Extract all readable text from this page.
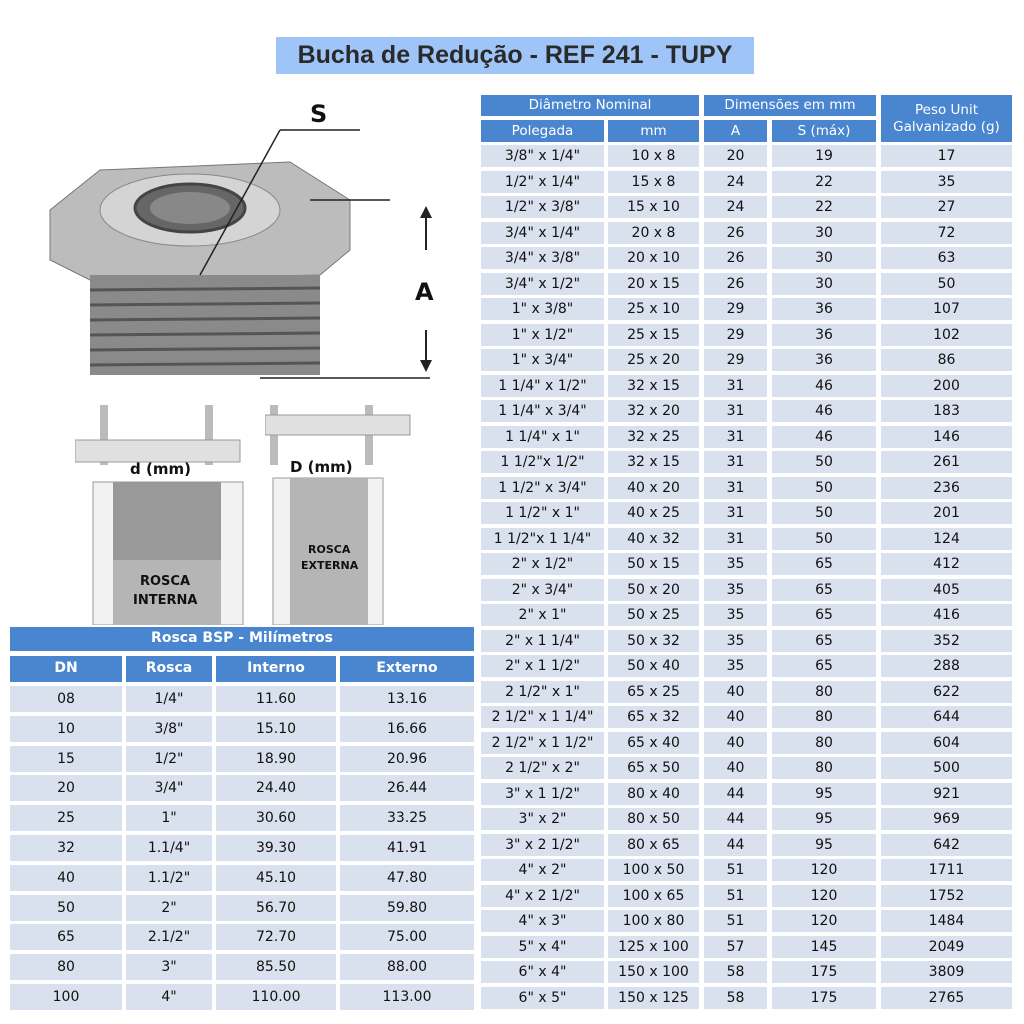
Bucha de Redução - REF 241 - TUPY
S
A
d (mm)
ROSCA
INTERNA
D (mm)
ROSCA
EXTERNA
Diâmetro Nominal	Dimensões em mm	Peso Unit Galvanizado (g)
Polegada	mm	A	S (máx)
3/8" x 1/4"	10 x 8	20	19	17
1/2" x 1/4"	15 x 8	24	22	35
1/2" x 3/8"	15 x 10	24	22	27
3/4" x 1/4"	20 x 8	26	30	72
3/4" x 3/8"	20 x 10	26	30	63
3/4" x 1/2"	20 x 15	26	30	50
1" x 3/8"	25 x 10	29	36	107
1" x 1/2"	25 x 15	29	36	102
1" x 3/4"	25 x 20	29	36	86
1 1/4" x 1/2"	32 x 15	31	46	200
1 1/4" x 3/4"	32 x 20	31	46	183
1 1/4" x 1"	32 x 25	31	46	146
1 1/2"x 1/2"	32 x 15	31	50	261
1 1/2" x 3/4"	40 x 20	31	50	236
1 1/2" x 1"	40 x 25	31	50	201
1 1/2"x 1 1/4"	40 x 32	31	50	124
2" x 1/2"	50 x 15	35	65	412
2" x 3/4"	50 x 20	35	65	405
2" x 1"	50 x 25	35	65	416
2" x 1 1/4"	50 x 32	35	65	352
2" x 1 1/2"	50 x 40	35	65	288
2 1/2" x 1"	65 x 25	40	80	622
2 1/2" x 1 1/4"	65 x 32	40	80	644
2 1/2" x 1 1/2"	65 x 40	40	80	604
2 1/2" x 2"	65 x 50	40	80	500
3" x 1 1/2"	80 x 40	44	95	921
3" x 2"	80 x 50	44	95	969
3" x 2 1/2"	80 x 65	44	95	642
4" x 2"	100 x 50	51	120	1711
4" x 2 1/2"	100 x 65	51	120	1752
4" x 3"	100 x 80	51	120	1484
5" x 4"	125 x 100	57	145	2049
6" x 4"	150 x 100	58	175	3809
6" x 5"	150 x 125	58	175	2765
Rosca BSP - Milímetros
DN	Rosca	Interno	Externo
08	1/4"	11.60	13.16
10	3/8"	15.10	16.66
15	1/2"	18.90	20.96
20	3/4"	24.40	26.44
25	1"	30.60	33.25
32	1.1/4"	39.30	41.91
40	1.1/2"	45.10	47.80
50	2"	56.70	59.80
65	2.1/2"	72.70	75.00
80	3"	85.50	88.00
100	4"	110.00	113.00
